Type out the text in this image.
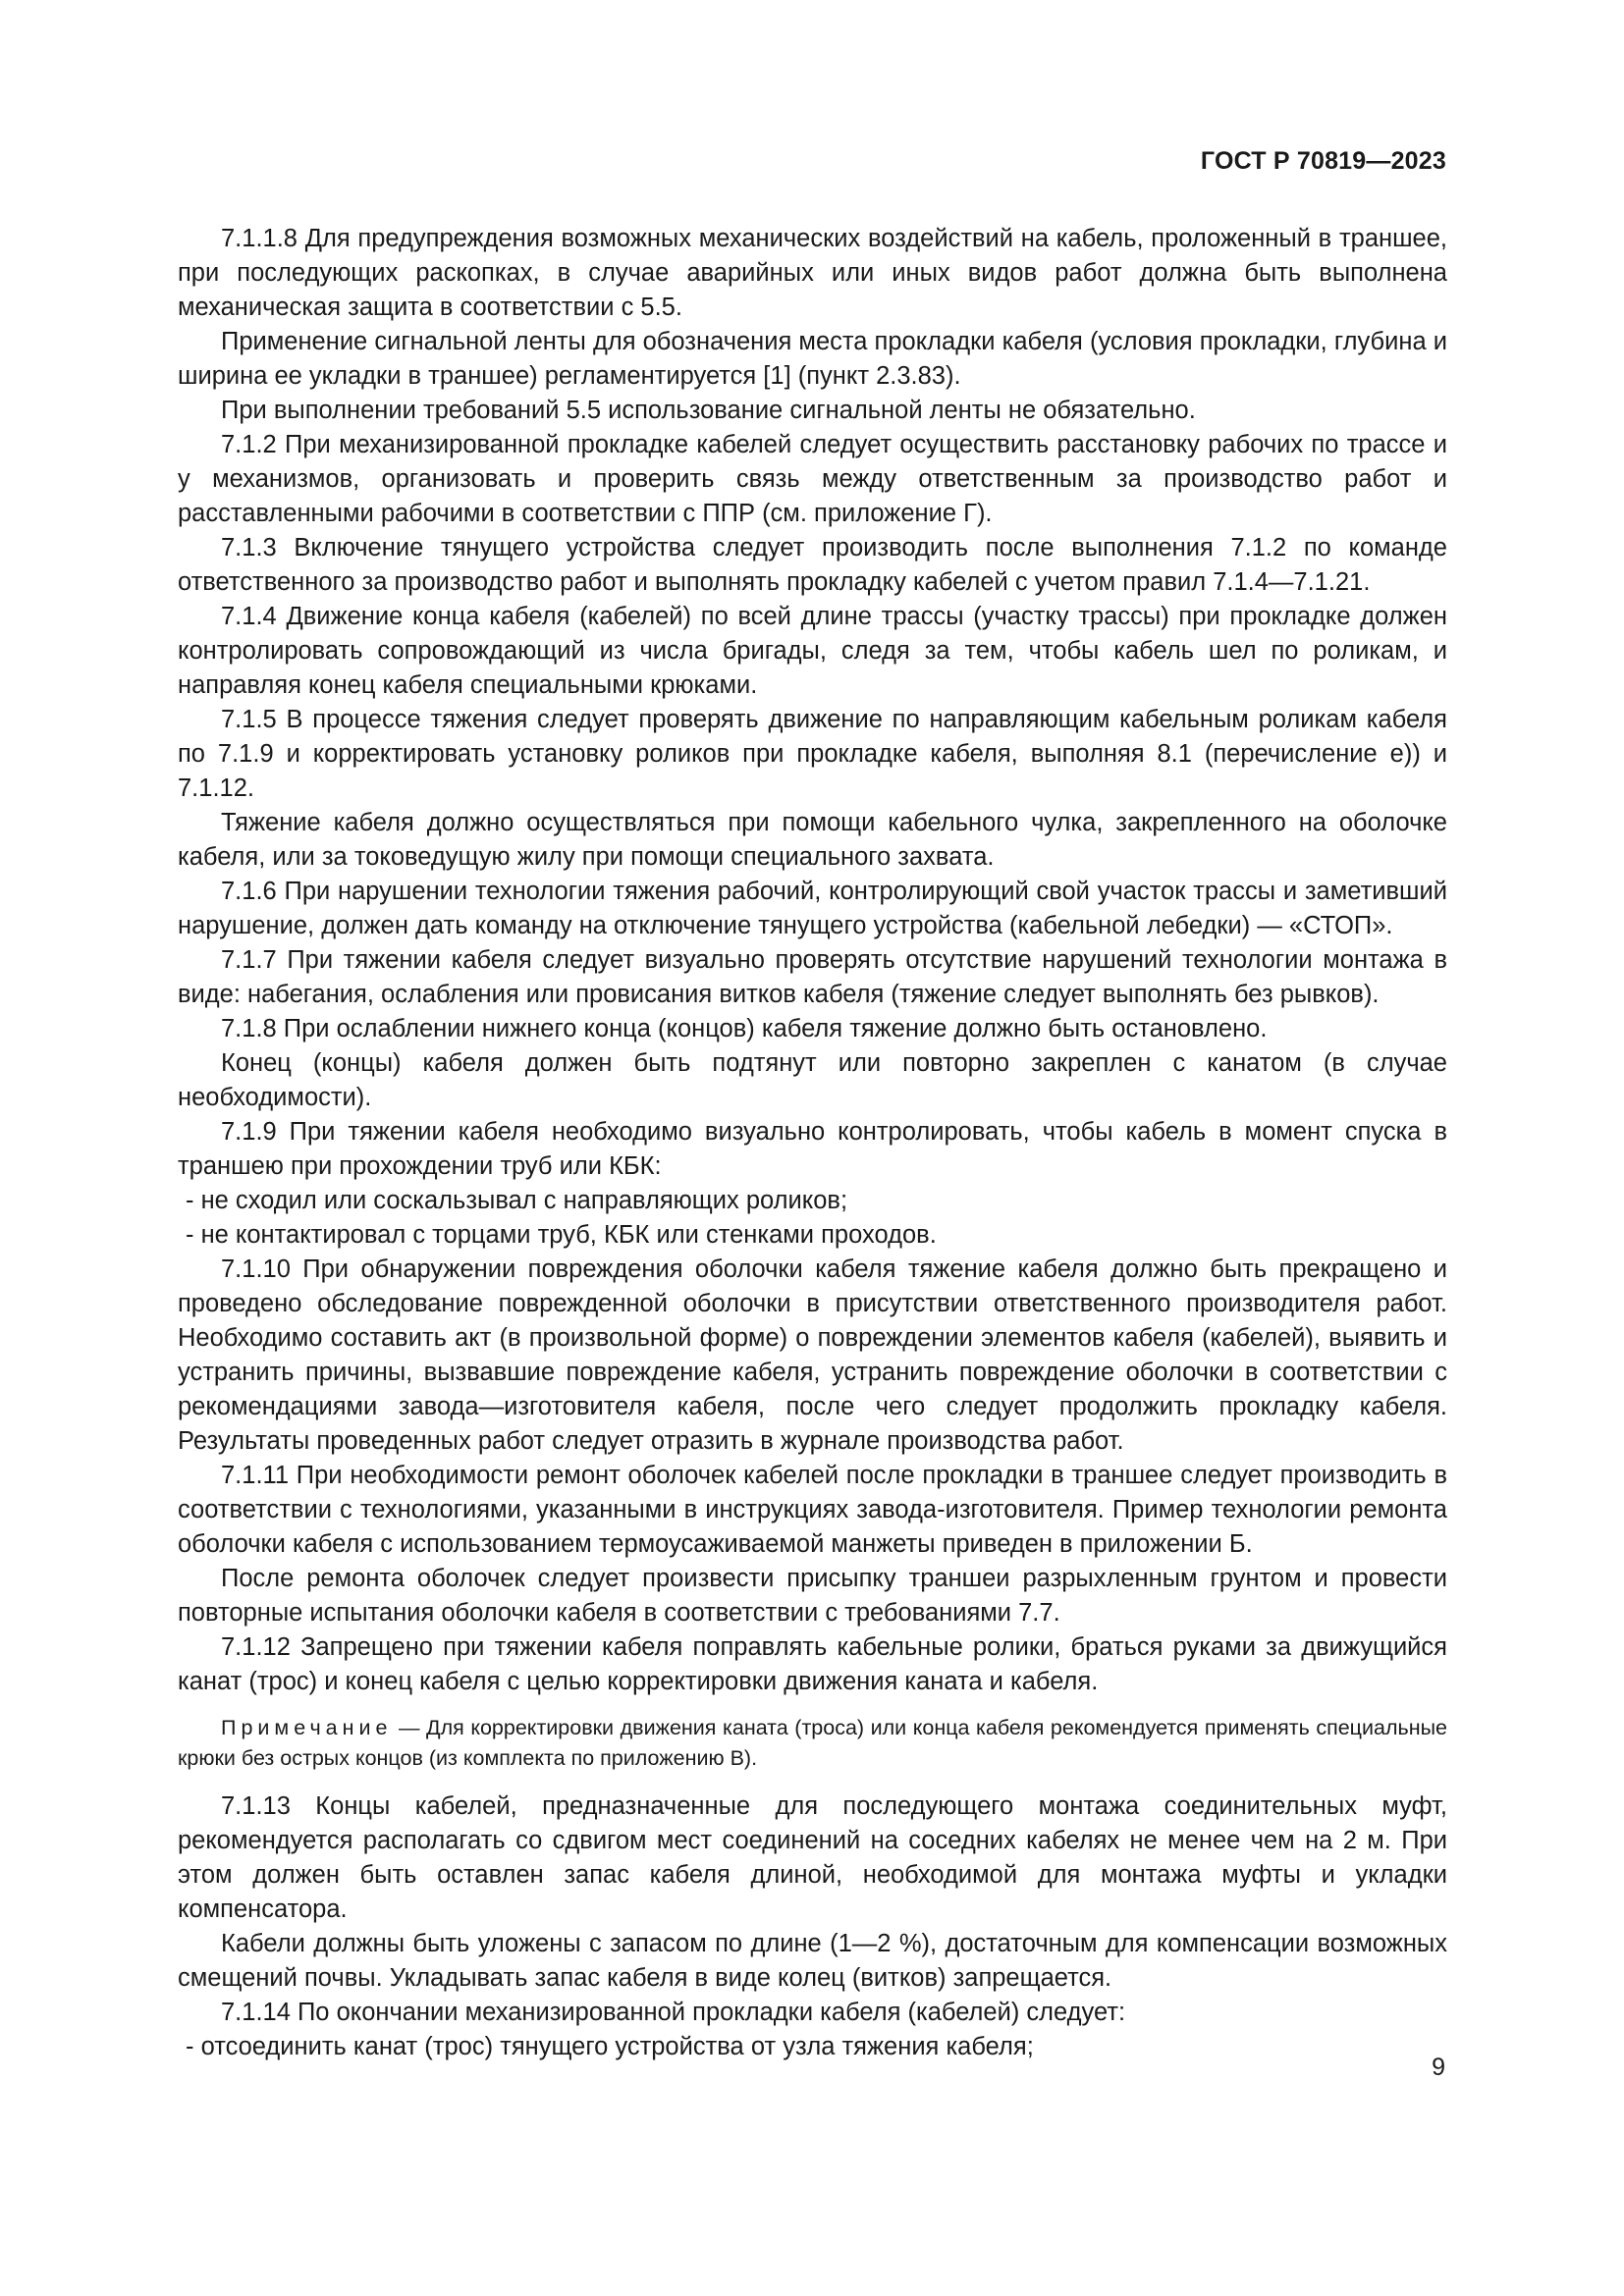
ГОСТ Р 70819—2023

7.1.1.8 Для предупреждения возможных механических воздействий на кабель, проложенный в траншее, при последующих раскопках, в случае аварийных или иных видов работ должна быть выполнена механическая защита в соответствии с 5.5.

Применение сигнальной ленты для обозначения места прокладки кабеля (условия прокладки, глубина и ширина ее укладки в траншее) регламентируется [1] (пункт 2.3.83).

При выполнении требований 5.5 использование сигнальной ленты не обязательно.

7.1.2 При механизированной прокладке кабелей следует осуществить расстановку рабочих по трассе и у механизмов, организовать и проверить связь между ответственным за производство работ и расставленными рабочими в соответствии с ППР (см. приложение Г).

7.1.3 Включение тянущего устройства следует производить после выполнения 7.1.2 по команде ответственного за производство работ и выполнять прокладку кабелей с учетом правил 7.1.4—7.1.21.

7.1.4 Движение конца кабеля (кабелей) по всей длине трассы (участку трассы) при прокладке должен контролировать сопровождающий из числа бригады, следя за тем, чтобы кабель шел по роликам, и направляя конец кабеля специальными крюками.

7.1.5 В процессе тяжения следует проверять движение по направляющим кабельным роликам кабеля по 7.1.9 и корректировать установку роликов при прокладке кабеля, выполняя 8.1 (перечисление е)) и 7.1.12.

Тяжение кабеля должно осуществляться при помощи кабельного чулка, закрепленного на оболочке кабеля, или за токоведущую жилу при помощи специального захвата.

7.1.6 При нарушении технологии тяжения рабочий, контролирующий свой участок трассы и заметивший нарушение, должен дать команду на отключение тянущего устройства (кабельной лебедки) — «СТОП».

7.1.7 При тяжении кабеля следует визуально проверять отсутствие нарушений технологии монтажа в виде: набегания, ослабления или провисания витков кабеля (тяжение следует выполнять без рывков).

7.1.8 При ослаблении нижнего конца (концов) кабеля тяжение должно быть остановлено.

Конец (концы) кабеля должен быть подтянут или повторно закреплен с канатом (в случае необходимости).

7.1.9 При тяжении кабеля необходимо визуально контролировать, чтобы кабель в момент спуска в траншею при прохождении труб или КБК:

- не сходил или соскальзывал с направляющих роликов;

- не контактировал с торцами труб, КБК или стенками проходов.

7.1.10 При обнаружении повреждения оболочки кабеля тяжение кабеля должно быть прекращено и проведено обследование поврежденной оболочки в присутствии ответственного производителя работ. Необходимо составить акт (в произвольной форме) о повреждении элементов кабеля (кабелей), выявить и устранить причины, вызвавшие повреждение кабеля, устранить повреждение оболочки в соответствии с рекомендациями завода—изготовителя кабеля, после чего следует продолжить прокладку кабеля. Результаты проведенных работ следует отразить в журнале производства работ.

7.1.11 При необходимости ремонт оболочек кабелей после прокладки в траншее следует производить в соответствии с технологиями, указанными в инструкциях завода-изготовителя. Пример технологии ремонта оболочки кабеля с использованием термоусаживаемой манжеты приведен в приложении Б.

После ремонта оболочек следует произвести присыпку траншеи разрыхленным грунтом и провести повторные испытания оболочки кабеля в соответствии с требованиями 7.7.

7.1.12 Запрещено при тяжении кабеля поправлять кабельные ролики, браться руками за движущийся канат (трос) и конец кабеля с целью корректировки движения каната и кабеля.

Примечание — Для корректировки движения каната (троса) или конца кабеля рекомендуется применять специальные крюки без острых концов (из комплекта по приложению В).

7.1.13 Концы кабелей, предназначенные для последующего монтажа соединительных муфт, рекомендуется располагать со сдвигом мест соединений на соседних кабелях не менее чем на 2 м. При этом должен быть оставлен запас кабеля длиной, необходимой для монтажа муфты и укладки компенсатора.

Кабели должны быть уложены с запасом по длине (1—2 %), достаточным для компенсации возможных смещений почвы. Укладывать запас кабеля в виде колец (витков) запрещается.

7.1.14 По окончании механизированной прокладки кабеля (кабелей) следует:

- отсоединить канат (трос) тянущего устройства от узла тяжения кабеля;

9
